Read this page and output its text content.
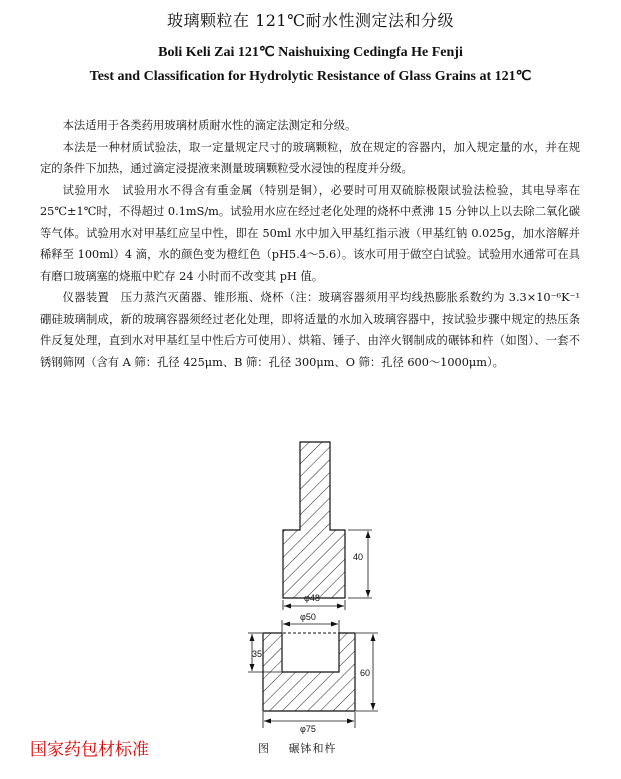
玻璃颗粒在 121℃耐水性测定法和分级
Boli Keli Zai 121℃ Naishuixing Cedingfa He Fenji
Test and Classification for Hydrolytic Resistance of Glass Grains at 121℃

本法适用于各类药用玻璃材质耐水性的滴定法测定和分级。

本法是一种材质试验法，取一定量规定尺寸的玻璃颗粒，放在规定的容器内，加入规定量的水，并在规定的条件下加热，通过滴定浸提液来测量玻璃颗粒受水浸蚀的程度并分级。

试验用水　试验用水不得含有重金属（特别是铜），必要时可用双硫腙极限试验法检验，其电导率在 25℃±1℃时，不得超过 0.1mS/m。试验用水应在经过老化处理的烧杯中煮沸 15 分钟以上以去除二氧化碳等气体。试验用水对甲基红应呈中性，即在 50ml 水中加入甲基红指示液（甲基红钠 0.025g，加水溶解并稀释至 100ml）4 滴，水的颜色变为橙红色（pH5.4～5.6）。该水可用于做空白试验。试验用水通常可在具有磨口玻璃塞的烧瓶中贮存 24 小时而不改变其 pH 值。

仪器装置　压力蒸汽灭菌器、锥形瓶、烧杯（注：玻璃容器须用平均线热膨胀系数约为 3.3×10⁻⁶K⁻¹ 硼硅玻璃制成，新的玻璃容器须经过老化处理，即将适量的水加入玻璃容器中，按试验步骤中规定的热压条件反复处理，直到水对甲基红呈中性后方可使用）、烘箱、锤子、由淬火钢制成的碾钵和杵（如图）、一套不锈钢筛网（含有 A 筛：孔径 425μm、B 筛：孔径 300μm、O 筛：孔径 600～1000μm）。

40
φ48
φ50
35
60
φ75
图 碾钵和杵
国家药包材标准
